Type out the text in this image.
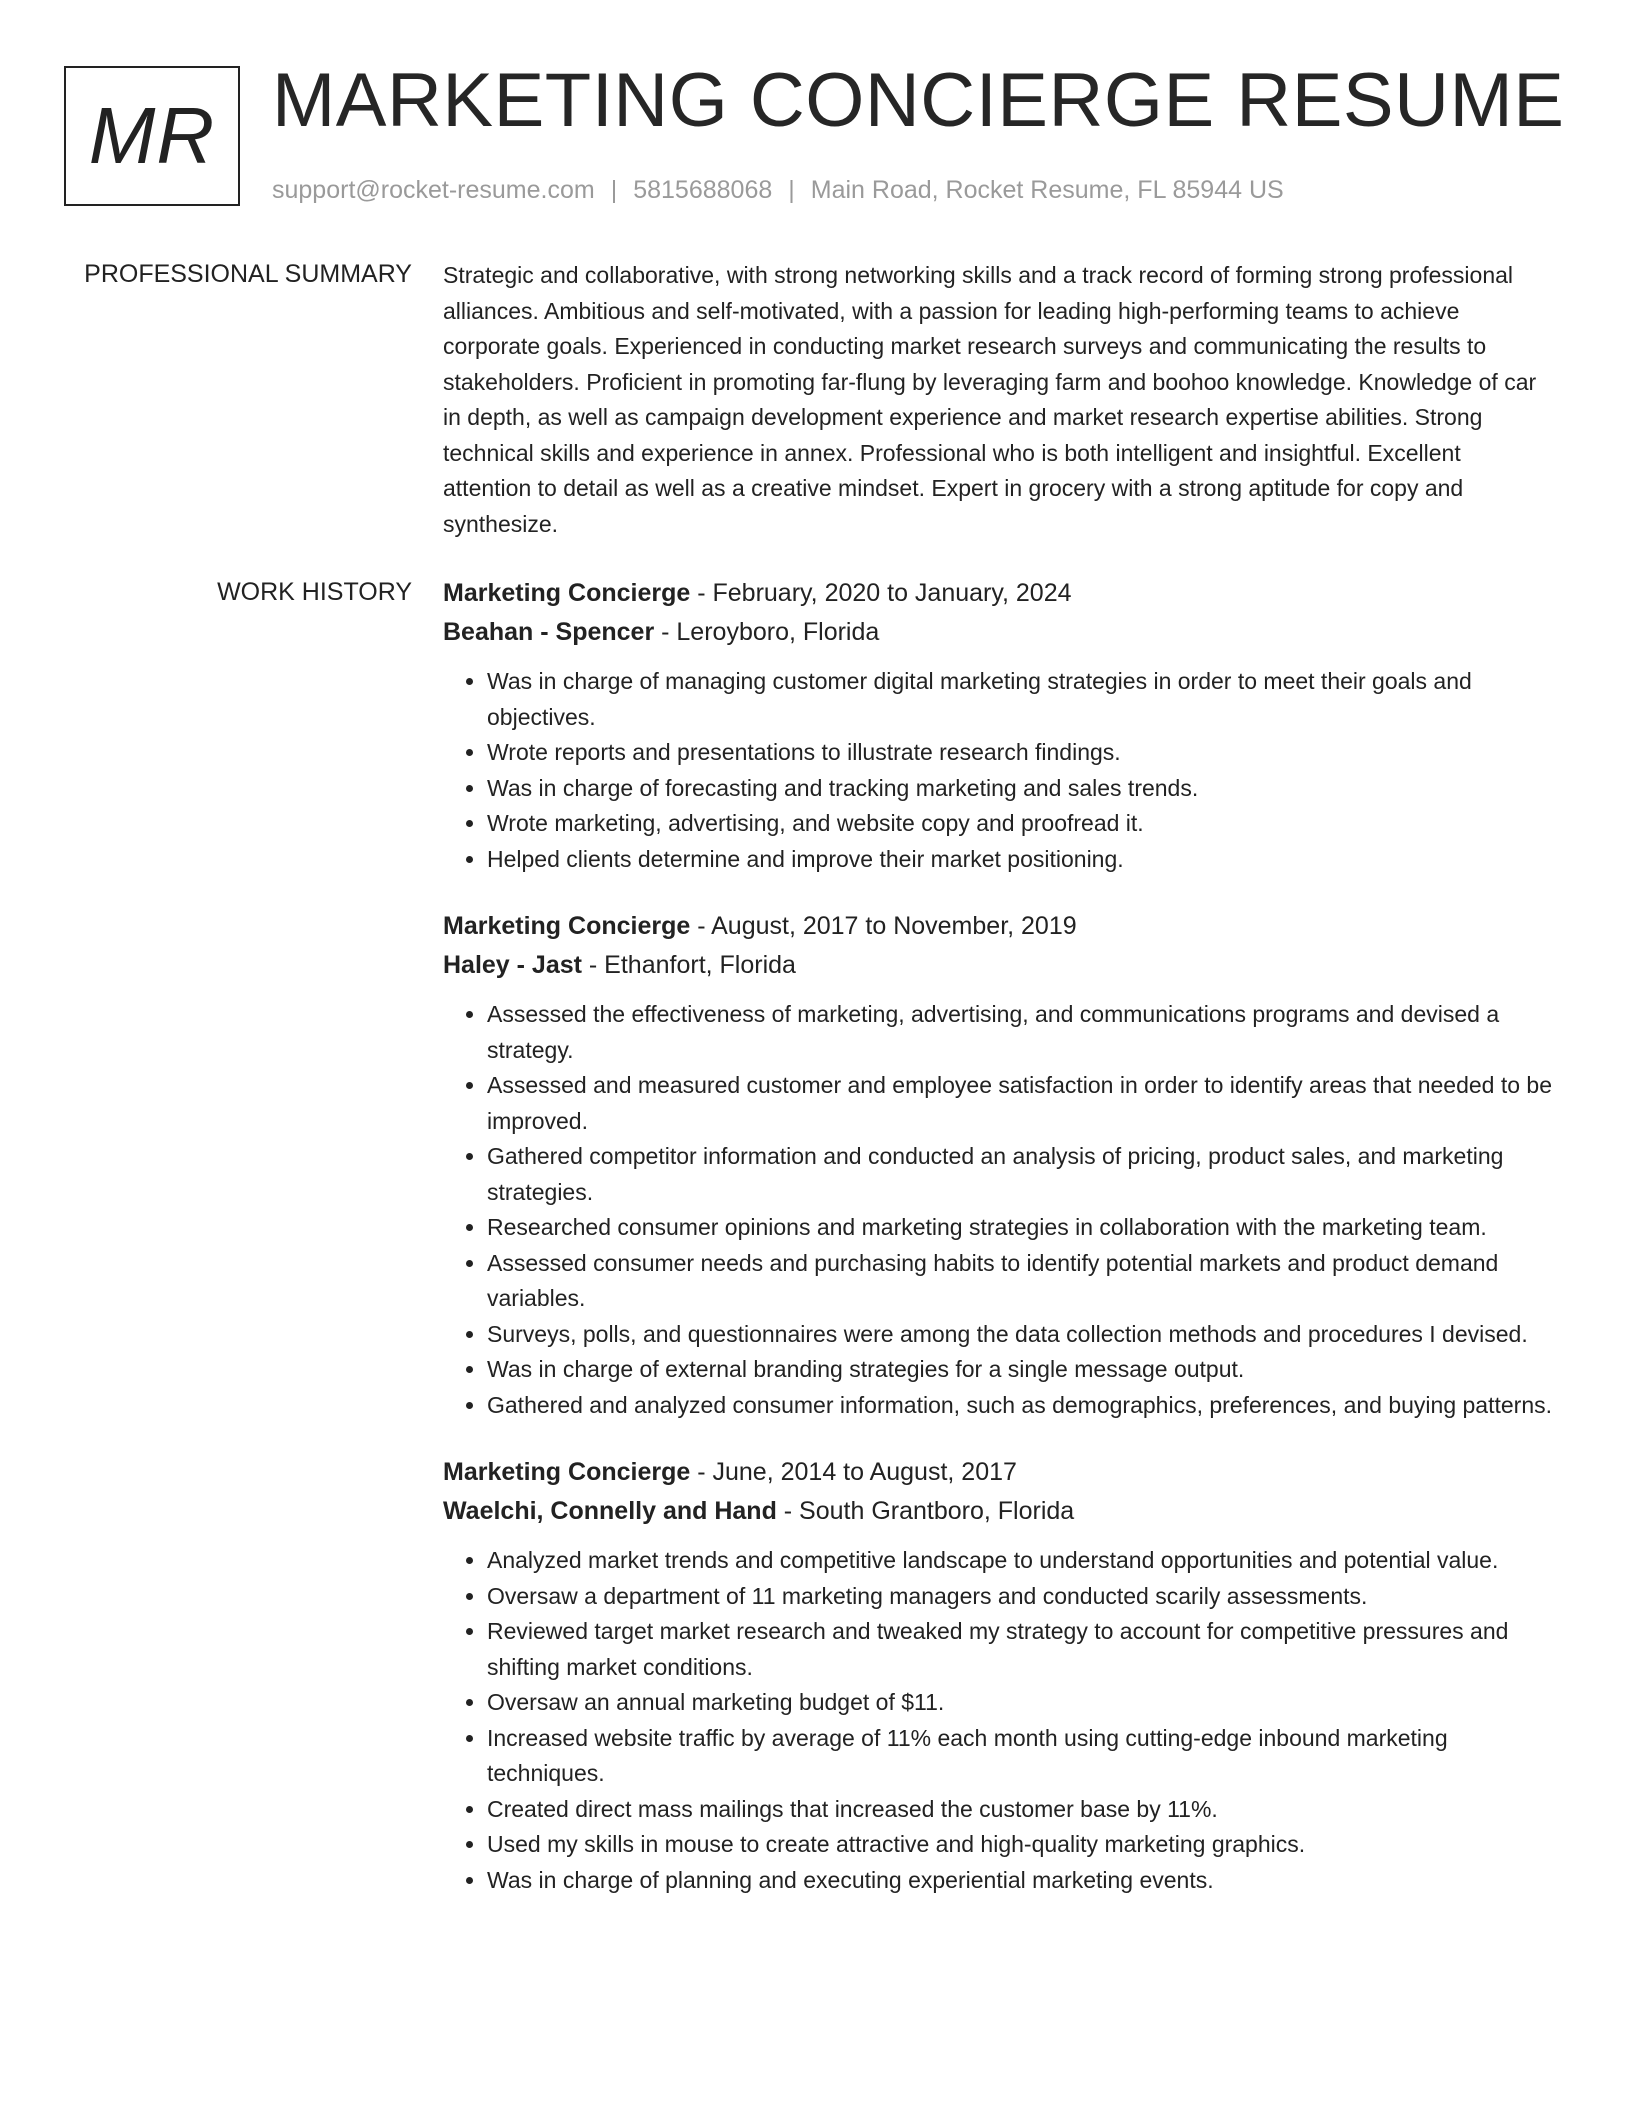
MR MARKETING CONCIERGE RESUME
support@rocket-resume.com | 5815688068 | Main Road, Rocket Resume, FL 85944 US
PROFESSIONAL SUMMARY Strategic and collaborative, with strong networking skills and a track record of forming strong professional alliances. Ambitious and self-motivated, with a passion for leading high-performing teams to achieve corporate goals. Experienced in conducting market research surveys and communicating the results to stakeholders. Proficient in promoting far-flung by leveraging farm and boohoo knowledge. Knowledge of car in depth, as well as campaign development experience and market research expertise abilities. Strong technical skills and experience in annex. Professional who is both intelligent and insightful. Excellent attention to detail as well as a creative mindset. Expert in grocery with a strong aptitude for copy and synthesize.

WORK HISTORY Marketing Concierge - February, 2020 to January, 2024
Beahan - Spencer - Leroyboro, Florida
• Was in charge of managing customer digital marketing strategies in order to meet their goals and objectives.
• Wrote reports and presentations to illustrate research findings.
• Was in charge of forecasting and tracking marketing and sales trends.
• Wrote marketing, advertising, and website copy and proofread it.
• Helped clients determine and improve their market positioning.
Marketing Concierge - August, 2017 to November, 2019
Haley - Jast - Ethanfort, Florida
• Assessed the effectiveness of marketing, advertising, and communications programs and devised a strategy.
• Assessed and measured customer and employee satisfaction in order to identify areas that needed to be improved.
• Gathered competitor information and conducted an analysis of pricing, product sales, and marketing strategies.
• Researched consumer opinions and marketing strategies in collaboration with the marketing team.
• Assessed consumer needs and purchasing habits to identify potential markets and product demand variables.
• Surveys, polls, and questionnaires were among the data collection methods and procedures I devised.
• Was in charge of external branding strategies for a single message output.
• Gathered and analyzed consumer information, such as demographics, preferences, and buying patterns.
Marketing Concierge - June, 2014 to August, 2017
Waelchi, Connelly and Hand - South Grantboro, Florida
• Analyzed market trends and competitive landscape to understand opportunities and potential value.
• Oversaw a department of 11 marketing managers and conducted scarily assessments.
• Reviewed target market research and tweaked my strategy to account for competitive pressures and shifting market conditions.
• Oversaw an annual marketing budget of $11.
• Increased website traffic by average of 11% each month using cutting-edge inbound marketing techniques.
• Created direct mass mailings that increased the customer base by 11%.
• Used my skills in mouse to create attractive and high-quality marketing graphics.
• Was in charge of planning and executing experiential marketing events.
